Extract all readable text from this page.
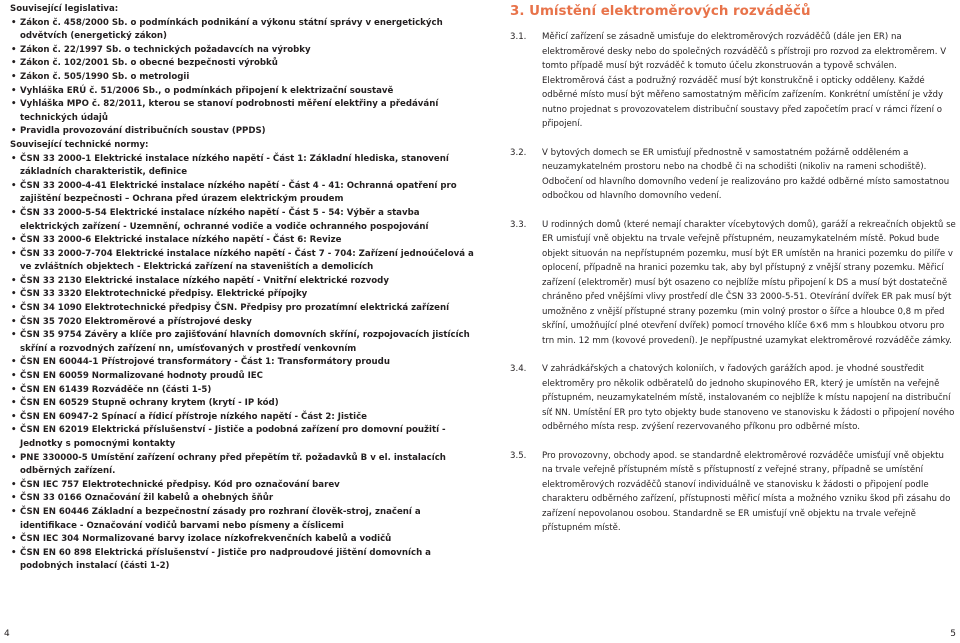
Související legislativa:

• Zákon č. 458/2000 Sb. o podmínkách podnikání a výkonu státní správy v energetických odvětvích (energetický zákon)
• Zákon č. 22/1997 Sb. o technických požadavcích na výrobky
• Zákon č. 102/2001 Sb. o obecné bezpečnosti výrobků
• Zákon č. 505/1990 Sb. o metrologii
• Vyhláška ERÚ č. 51/2006 Sb., o podmínkách připojení k elektrizační soustavě
• Vyhláška MPO č. 82/2011, kterou se stanoví podrobnosti měření elektřiny a předávání technických údajů
• Pravidla provozování distribučních soustav (PPDS)

Související technické normy:

• ČSN 33 2000-1 Elektrické instalace nízkého napětí - Část 1: Základní hlediska, stanovení základních charakteristik, definice
• ČSN 33 2000-4-41 Elektrické instalace nízkého napětí - Část 4 - 41: Ochranná opatření pro zajištění bezpečnosti – Ochrana před úrazem elektrickým proudem
• ČSN 33 2000-5-54 Elektrické instalace nízkého napětí - Část 5 - 54: Výběr a stavba elektrických zařízení - Uzemnění, ochranné vodiče a vodiče ochranného pospojování
• ČSN 33 2000-6 Elektrické instalace nízkého napětí - Část 6: Revize
• ČSN 33 2000-7-704 Elektrické instalace nízkého napětí - Část 7 - 704: Zařízení jednoúčelová a ve zvláštních objektech - Elektrická zařízení na staveništích a demolicích
• ČSN 33 2130 Elektrické instalace nízkého napětí - Vnitřní elektrické rozvody
• ČSN 33 3320 Elektrotechnické předpisy. Elektrické přípojky
• ČSN 34 1090 Elektrotechnické předpisy ČSN. Předpisy pro prozatímní elektrická zařízení
• ČSN 35 7020 Elektroměrové a přístrojové desky
• ČSN 35 9754 Závěry a klíče pro zajišťování hlavních domovních skříní, rozpojovacích jistících skříní a rozvodných zařízení nn, umísťovaných v prostředí venkovním
• ČSN EN 60044-1 Přístrojové transformátory - Část 1: Transformátory proudu
• ČSN EN 60059 Normalizované hodnoty proudů IEC
• ČSN EN 61439 Rozváděče nn (části 1-5)
• ČSN EN 60529 Stupně ochrany krytem (krytí - IP kód)
• ČSN EN 60947-2 Spínací a řídicí přístroje nízkého napětí - Část 2: Jističe
• ČSN EN 62019 Elektrická příslušenství - Jističe a podobná zařízení pro domovní použití - Jednotky s pomocnými kontakty
• PNE 330000-5 Umístění zařízení ochrany před přepětím tř. požadavků B v el. instalacích odběrných zařízení.
• ČSN IEC 757 Elektrotechnické předpisy. Kód pro označování barev
• ČSN 33 0166 Označování žil kabelů a ohebných šňůr
• ČSN EN 60446 Základní a bezpečnostní zásady pro rozhraní člověk-stroj, značení a identifikace - Označování vodičů barvami nebo písmeny a číslicemi
• ČSN IEC 304 Normalizované barvy izolace nízkofrekvenčních kabelů a vodičů
• ČSN EN 60 898 Elektrická příslušenství - Jističe pro nadproudové jištění domovních a podobných instalací (části 1-2)
3. Umístění elektroměrových rozváděčů
3.1. Měřicí zařízení se zásadně umisťuje do elektroměrových rozváděčů (dále jen ER) na elektroměrové desky nebo do společných rozváděčů s přístroji pro rozvod za elektroměrem. V tomto případě musí být rozváděč k tomuto účelu zkonstruován a typově schválen. Elektroměrová část a podružný rozváděč musí být konstrukčně i opticky odděleny. Každé odběrné místo musí být měřeno samostatným měřicím zařízením. Konkrétní umístění je vždy nutno projednat s provozovatelem distribuční soustavy před započetím prací v rámci řízení o připojení.
3.2. V bytových domech se ER umisťují přednostně v samostatném požárně odděleném a neuzamykatelném prostoru nebo na chodbě či na schodišti (nikoliv na rameni schodiště). Odbočení od hlavního domovního vedení je realizováno pro každé odběrné místo samostatnou odbočkou od hlavního domovního vedení.
3.3. U rodinných domů (které nemají charakter vícebytových domů), garáží a rekreačních objektů se ER umisťují vně objektu na trvale veřejně přístupném, neuzamykatelném místě. Pokud bude objekt situován na nepřístupném pozemku, musí být ER umístěn na hranici pozemku do pilíře v oplocení, případně na hranici pozemku tak, aby byl přístupný z vnější strany pozemku. Měřicí zařízení (elektroměr) musí být osazeno co nejblíže místu připojení k DS a musí být dostatečně chráněno před vnějšími vlivy prostředí dle ČSN 33 2000-5-51. Otevírání dvířek ER pak musí být umožněno z vnější přístupné strany pozemku (min volný prostor o šířce a hloubce 0,8 m před skříní, umožňující plné otevření dvířek) pomocí trnového klíče 6×6 mm s hloubkou otvoru pro trn min. 12 mm (kovové provedení). Je nepřípustné uzamykat elektroměrové rozváděče zámky.
3.4. V zahrádkářských a chatových koloniích, v řadových garážích apod. je vhodné soustředit elektroměry pro několik odběratelů do jednoho skupinového ER, který je umístěn na veřejně přístupném, neuzamykatelném místě, instalovaném co nejblíže k místu napojení na distribuční síť NN. Umístění ER pro tyto objekty bude stanoveno ve stanovisku k žádosti o připojení nového odběrného místa resp. zvýšení rezervovaného příkonu pro odběrné místo.
3.5. Pro provozovny, obchody apod. se standardně elektroměrové rozváděče umisťují vně objektu na trvale veřejně přístupném místě s přístupností z veřejné strany, případně se umístění elektroměrových rozváděčů stanoví individuálně ve stanovisku k žádosti o připojení podle charakteru odběrného zařízení, přístupnosti měřicí místa a možného vzniku škod při zásahu do zařízení nepovolanou osobou. Standardně se ER umisťují vně objektu na trvale veřejně přístupném místě.
4	5
